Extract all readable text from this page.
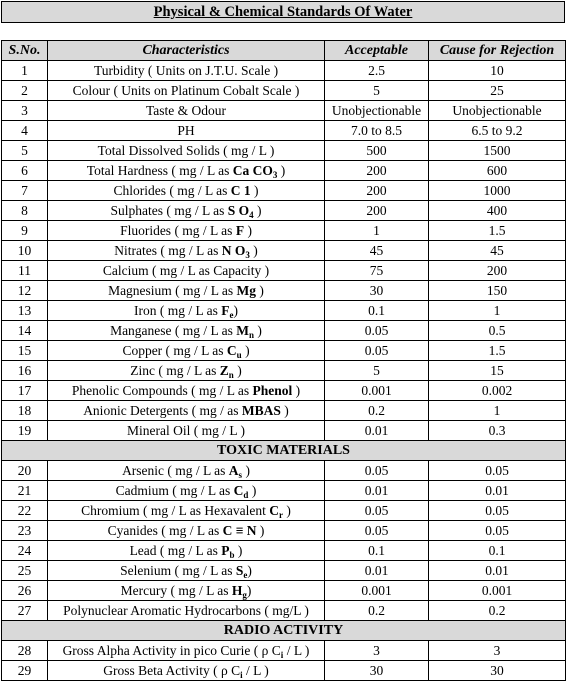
Physical & Chemical Standards Of Water
S.No.	Characteristics	Acceptable	Cause for Rejection
1	Turbidity ( Units on J.T.U. Scale )	2.5	10
2	Colour ( Units on Platinum Cobalt Scale )	5	25
3	Taste & Odour	Unobjectionable	Unobjectionable
4	PH	7.0 to 8.5	6.5 to 9.2
5	Total Dissolved Solids ( mg / L )	500	1500
6	Total Hardness ( mg / L as Ca $CO_3$ )	200	600
7	Chlorides ( mg / L as C 1 )	200	1000
8	Sulphates ( mg / L as S $O_4$ )	200	400
9	Fluorides ( mg / L as F )	1	1.5
10	Nitrates ( mg / L as N $O_3$ )	45	45
11	Calcium ( mg / L as Capacity )	75	200
12	Magnesium ( mg / L as Mg )	30	150
13	Iron ( mg / L as $F_e$)	0.1	1
14	Manganese ( mg / L as $M_n$ )	0.05	0.5
15	Copper ( mg / L as $C_u$ )	0.05	1.5
16	Zinc ( mg / L as $Z_n$ )	5	15
17	Phenolic Compounds ( mg / L as Phenol )	0.001	0.002
18	Anionic Detergents ( mg / as MBAS )	0.2	1
19	Mineral Oil ( mg / L )	0.01	0.3
TOXIC MATERIALS			
20	Arsenic ( mg / L as $A_s$ )	0.05	0.05
21	Cadmium ( mg / L as $C_d$ )	0.01	0.01
22	Chromium ( mg / L as Hexavalent $C_r$ )	0.05	0.05
23	Cyanides ( mg / L as C ≡ N )	0.05	0.05
24	Lead ( mg / L as $P_b$ )	0.1	0.1
25	Selenium ( mg / L as $S_e$)	0.01	0.01
26	Mercury ( mg / L as $H_g$)	0.001	0.001
27	Polynuclear Aromatic Hydrocarbons ( mg/L )	0.2	0.2
RADIO ACTIVITY			
28	Gross Alpha Activity in pico Curie ( ρ $C_i$ / L )	3	3
29	Gross Beta Activity ( ρ $C_i$ / L )	30	30
